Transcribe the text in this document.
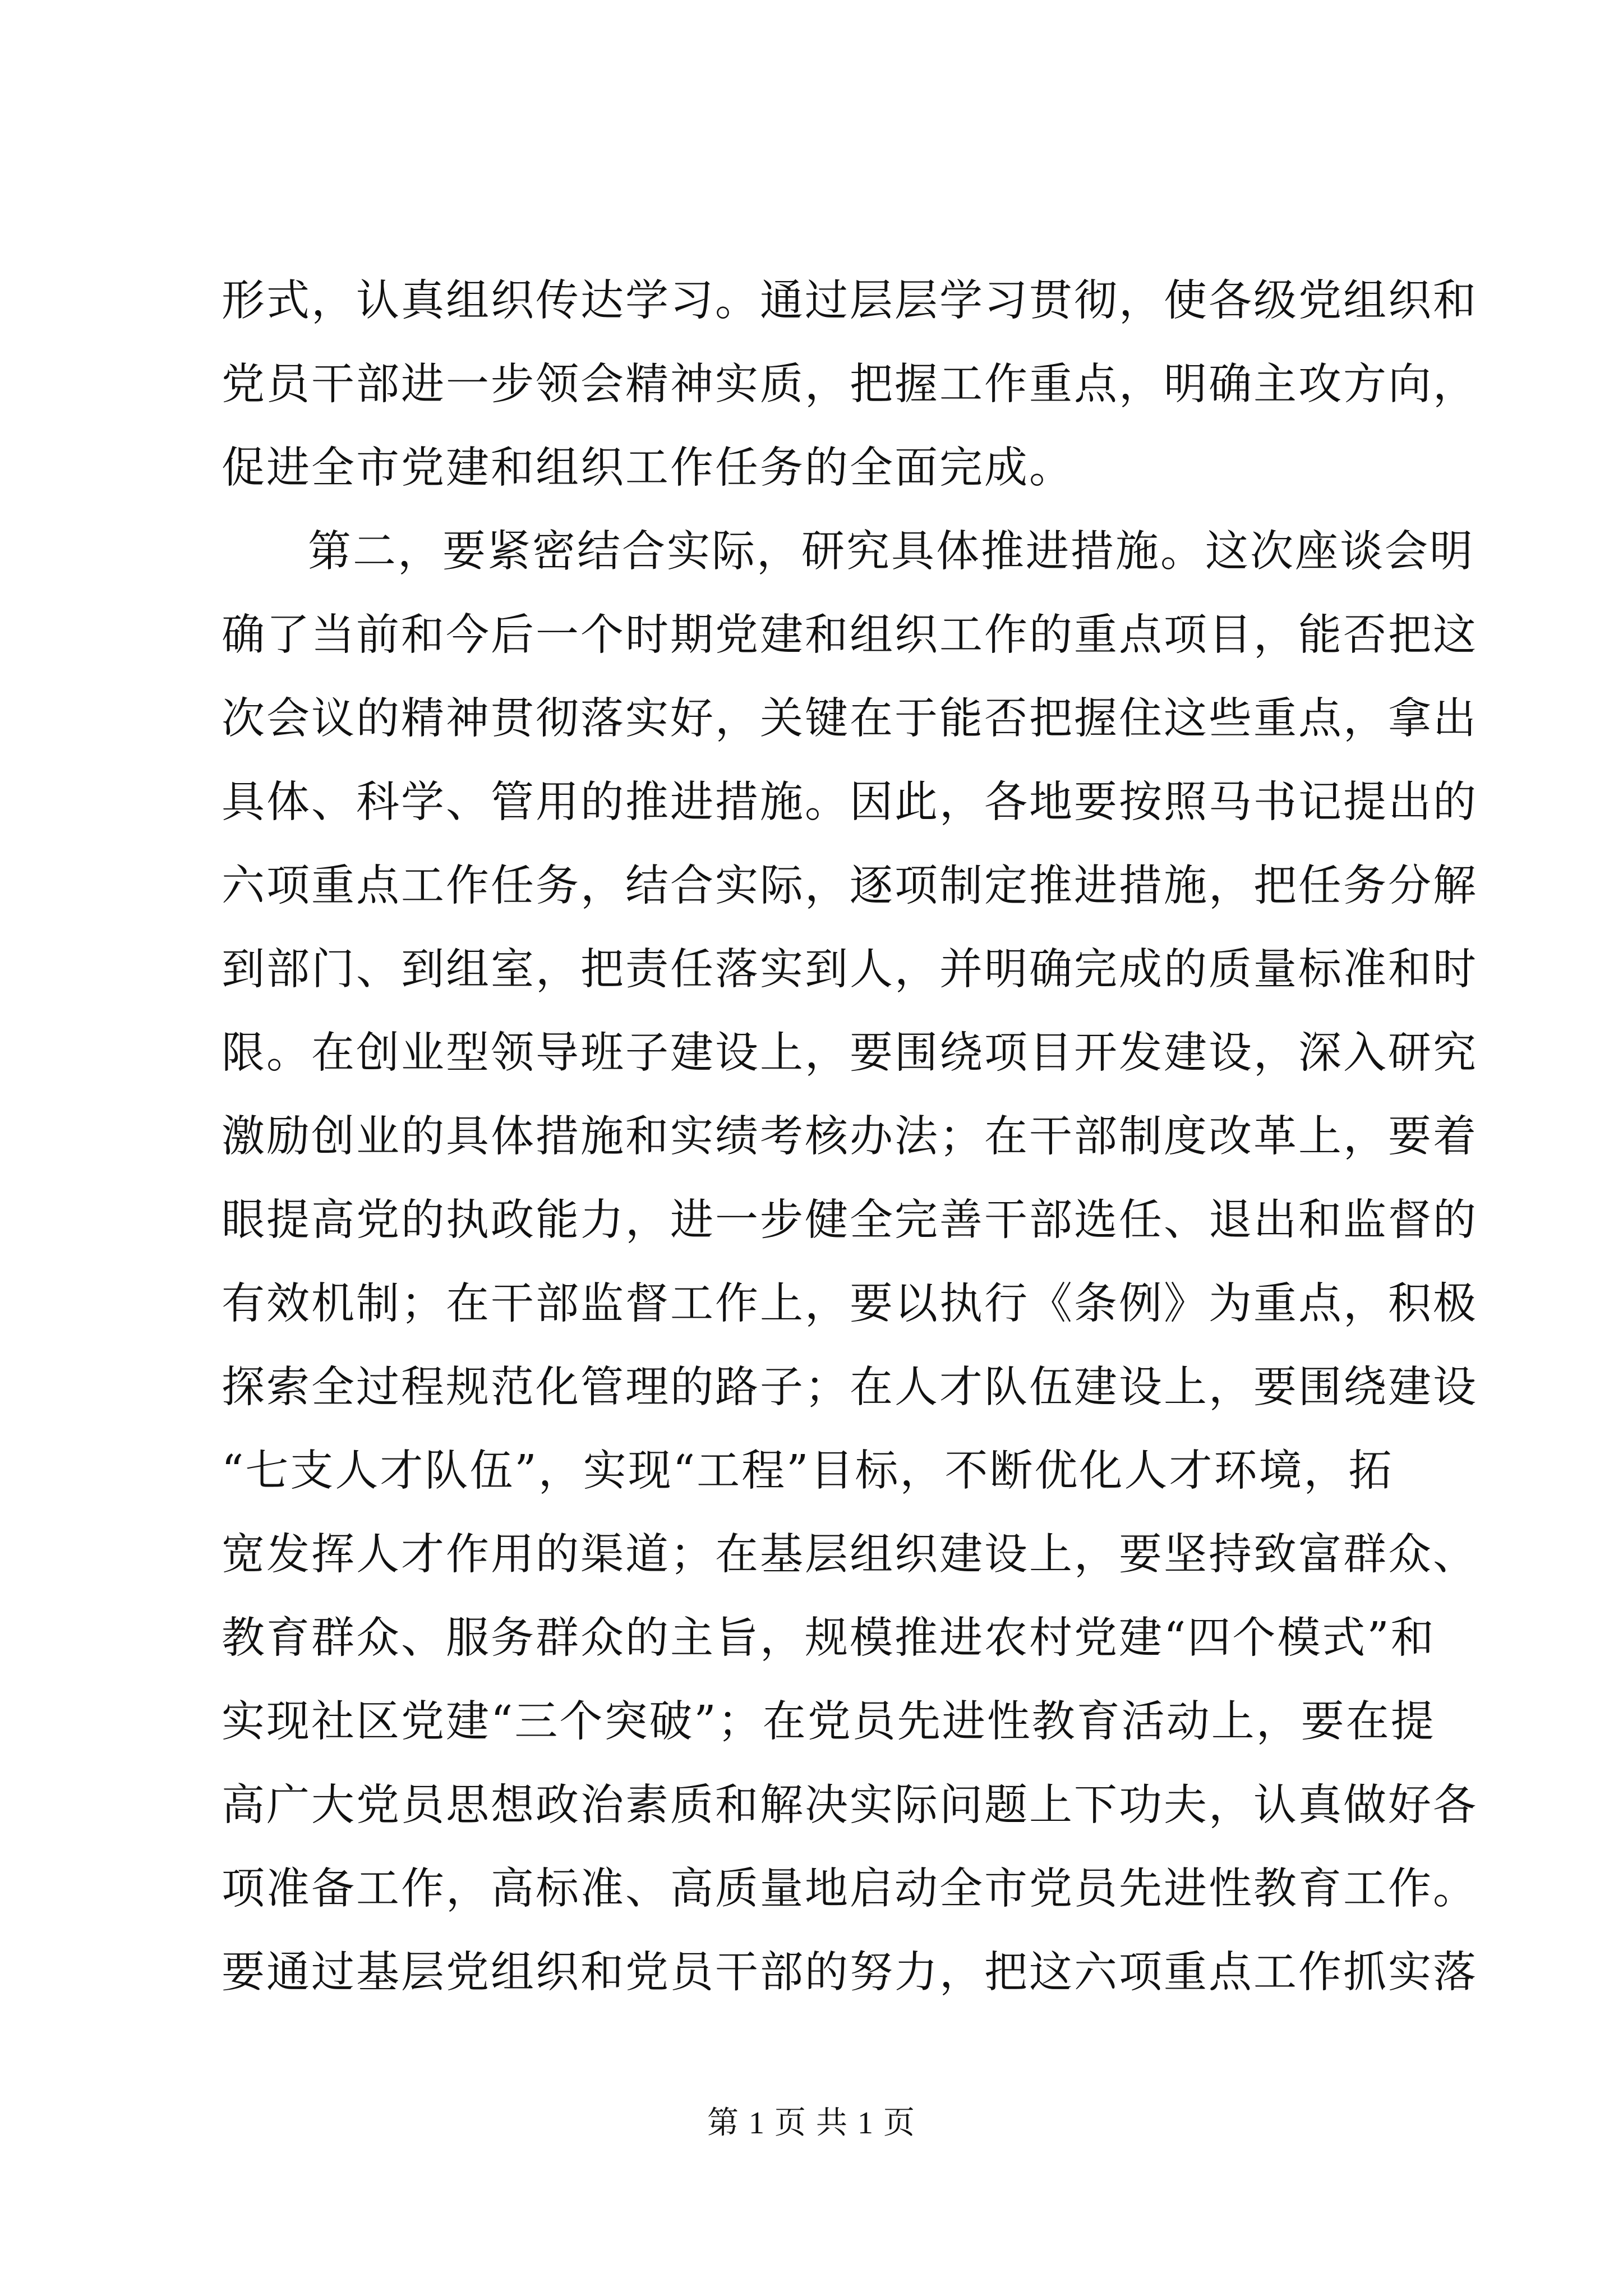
形式，认真组织传达学习。通过层层学习贯彻，使各级党组织和
党员干部进一步领会精神实质，把握工作重点，明确主攻方向，
促进全市党建和组织工作任务的全面完成。
第二，要紧密结合实际，研究具体推进措施。这次座谈会明
确了当前和今后一个时期党建和组织工作的重点项目，能否把这
次会议的精神贯彻落实好，关键在于能否把握住这些重点，拿出
具体、科学、管用的推进措施。因此，各地要按照马书记提出的
六项重点工作任务，结合实际，逐项制定推进措施，把任务分解
到部门、到组室，把责任落实到人，并明确完成的质量标准和时
限。在创业型领导班子建设上，要围绕项目开发建设，深入研究
激励创业的具体措施和实绩考核办法；在干部制度改革上，要着
眼提高党的执政能力，进一步健全完善干部选任、退出和监督的
有效机制；在干部监督工作上，要以执行《条例》为重点，积极
探索全过程规范化管理的路子；在人才队伍建设上，要围绕建设
“七支人才队伍”，实现“工程”目标，不断优化人才环境，拓
宽发挥人才作用的渠道；在基层组织建设上，要坚持致富群众、
教育群众、服务群众的主旨，规模推进农村党建“四个模式”和
实现社区党建“三个突破”；在党员先进性教育活动上，要在提
高广大党员思想政治素质和解决实际问题上下功夫，认真做好各
项准备工作，高标准、高质量地启动全市党员先进性教育工作。
要通过基层党组织和党员干部的努力，把这六项重点工作抓实落
第 1 页 共 1 页
